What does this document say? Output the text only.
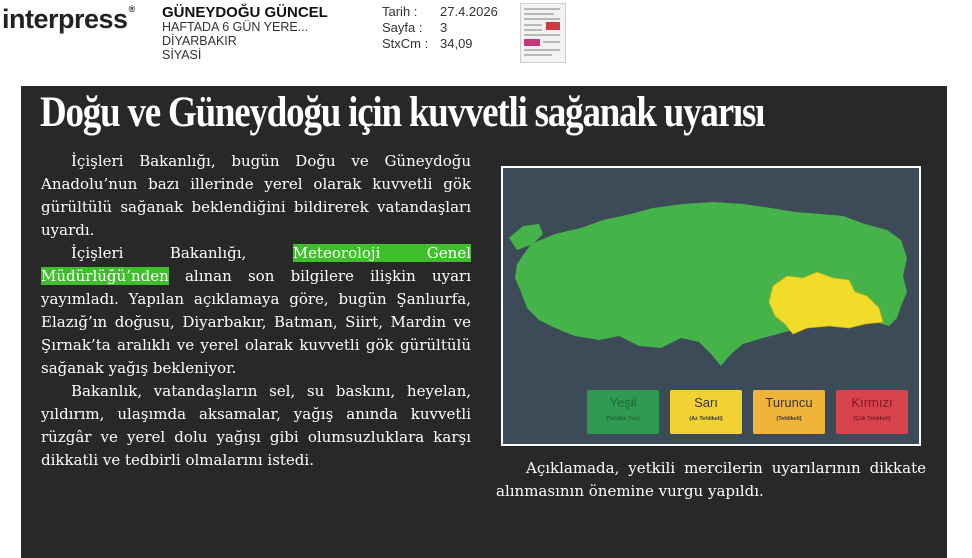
interpress® GÜNEYDOĞU GÜNCEL
HAFTADA 6 GÜN YERE...
DİYARBAKIR
SİYASİ
Tarih :	27.4.2026
Sayfa :	3
StxCm : 34,09
Doğu ve Güneydoğu için kuvvetli sağanak uyarısı

İçişleri Bakanlığı, bugün Doğu ve Güneydoğu Anadolu’nun bazı illerinde yerel olarak kuvvetli gök gürültülü sağanak beklendiğini bildirerek vatandaşları uyardı.

İçişleri Bakanlığı, Meteoroloji Genel Müdürlüğü’nden alınan son bilgilere ilişkin uyarı yayımladı. Yapılan açıklamaya göre, bugün Şanlıurfa, Elazığ’ın doğusu, Diyarbakır, Batman, Siirt, Mardin ve Şırnak’ta aralıklı ve yerel olarak kuvvetli gök gürültülü sağanak yağış bekleniyor.

Bakanlık, vatandaşların sel, su baskını, heyelan, yıldırım, ulaşımda aksamalar, yağış anında kuvvetli rüzgâr ve yerel dolu yağışı gibi olumsuzluklara karşı dikkatli ve tedbirli olmalarını istedi.

Yeşil
(Tehlike Yok)
Sarı
(Az Tehlikeli)
Turuncu
(Tehlikeli)
Kırmızı
(Çok Tehlikeli)
Açıklamada, yetkili mercilerin uyarılarının dikkate alınmasının önemine vurgu yapıldı.
